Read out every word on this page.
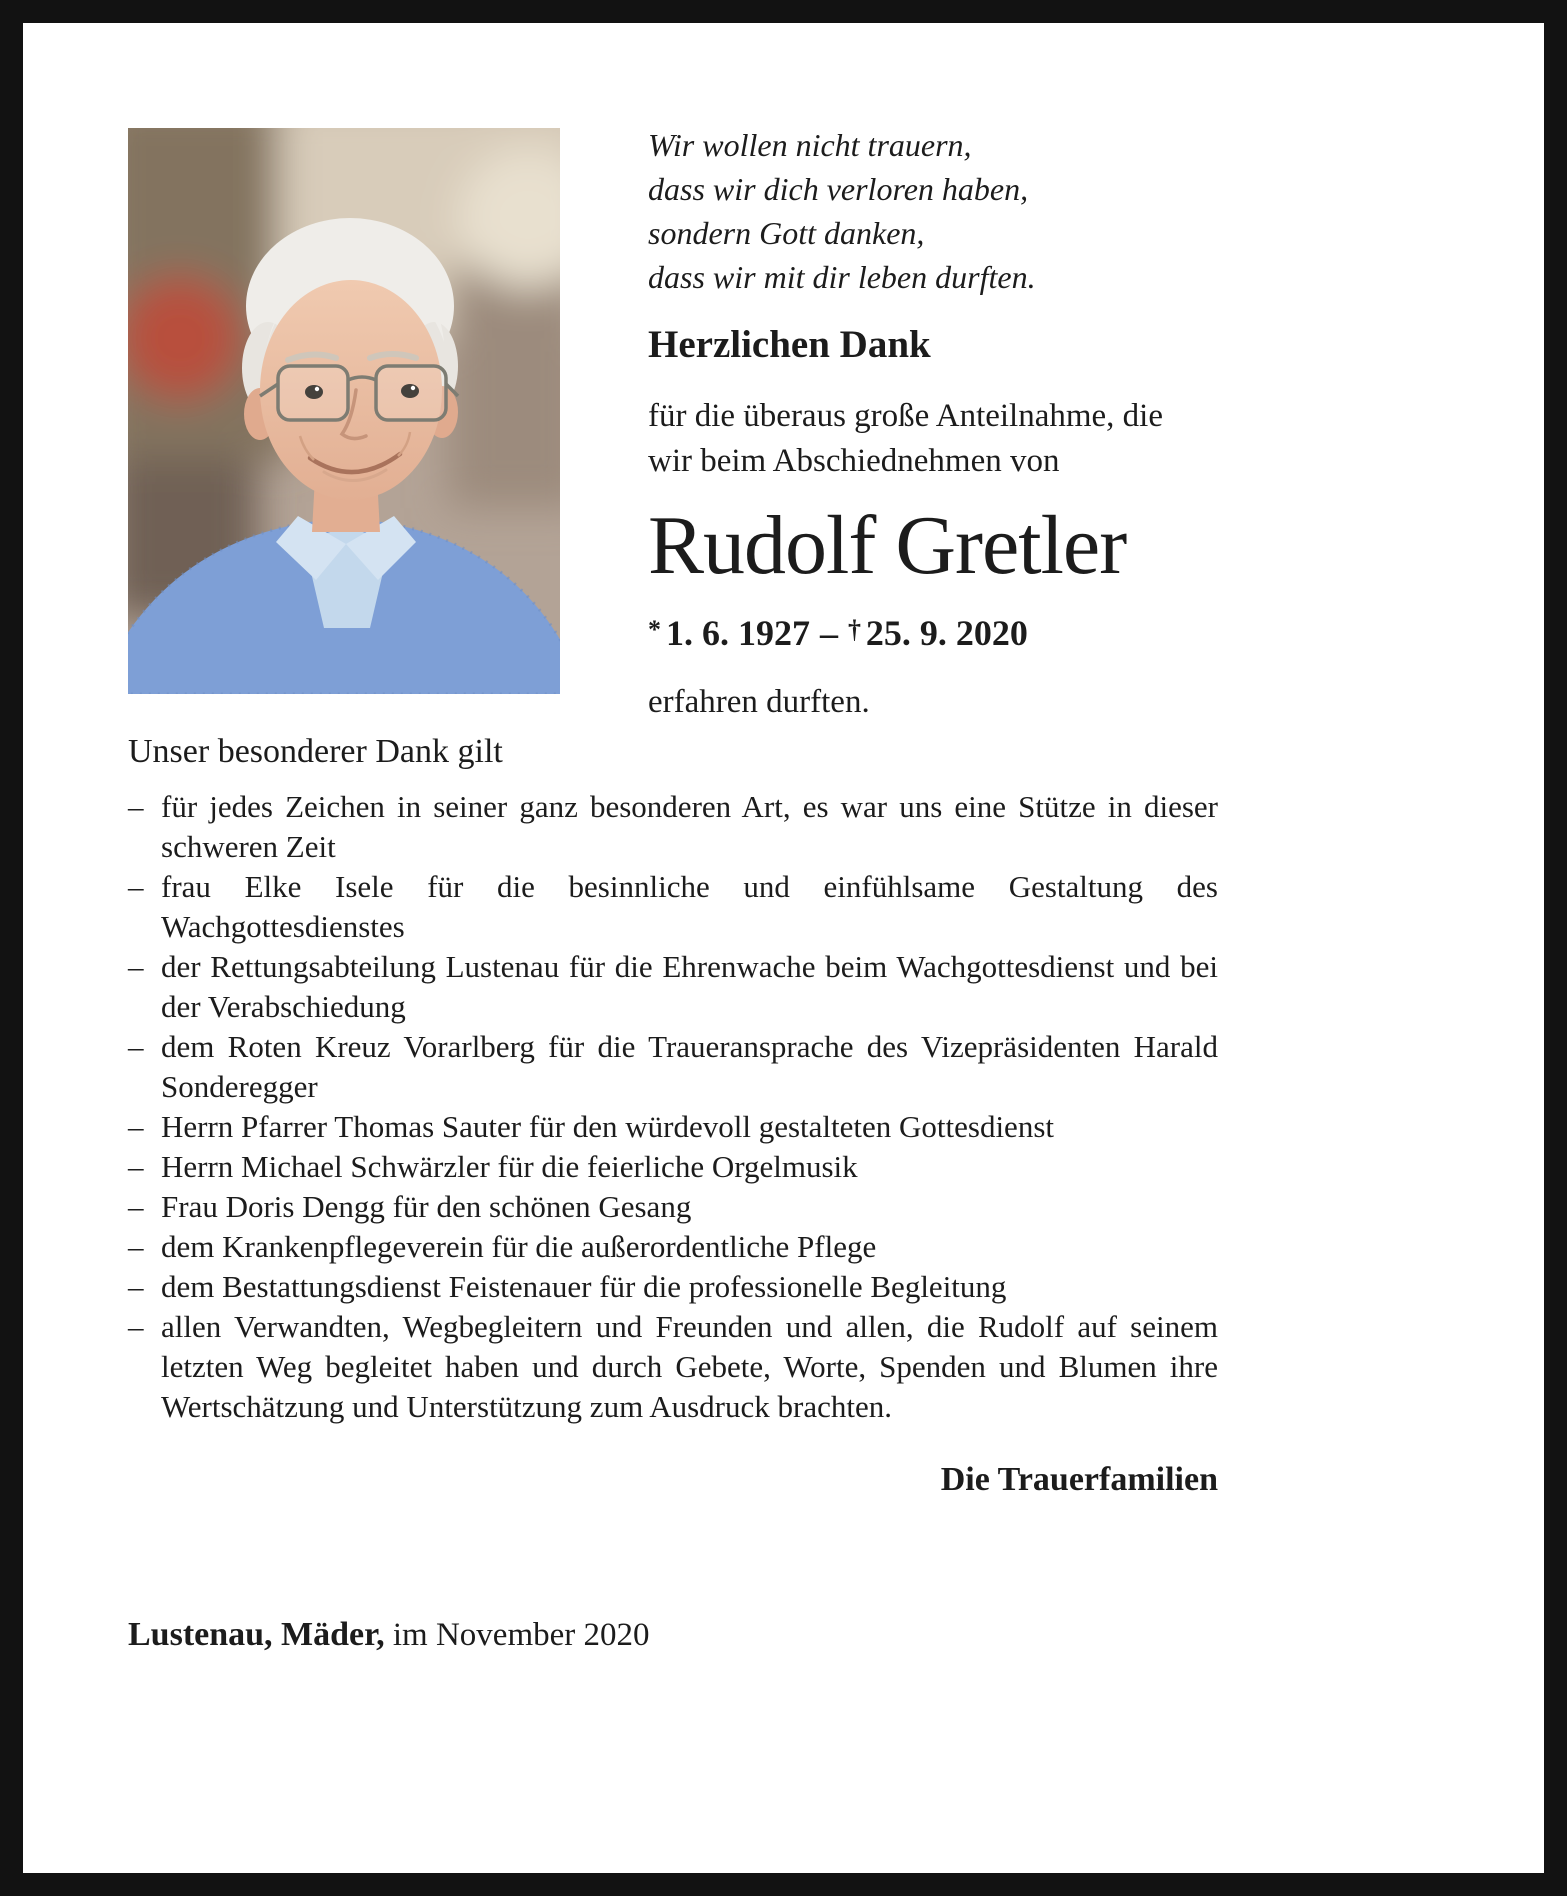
Wir wollen nicht trauern,
dass wir dich verloren haben,
sondern Gott danken,
dass wir mit dir leben durften.
Herzlichen Dank
für die überaus große Anteilnahme, die
wir beim Abschiednehmen von
Rudolf Gretler
* 1. 6. 1927 – † 25. 9. 2020

erfahren durften.

Unser besonderer Dank gilt

– für jedes Zeichen in seiner ganz besonderen Art, es war uns eine Stütze in dieser schweren Zeit
– frau Elke Isele für die besinnliche und einfühlsame Gestaltung des Wachgottesdienstes
– der Rettungsabteilung Lustenau für die Ehrenwache beim Wachgottesdienst und bei der Verabschiedung
– dem Roten Kreuz Vorarlberg für die Traueransprache des Vizepräsidenten Harald Sonderegger
– Herrn Pfarrer Thomas Sauter für den würdevoll gestalteten Gottesdienst
– Herrn Michael Schwärzler für die feierliche Orgelmusik
– Frau Doris Dengg für den schönen Gesang
– dem Krankenpflegeverein für die außerordentliche Pflege
– dem Bestattungsdienst Feistenauer für die professionelle Begleitung
– allen Verwandten, Wegbegleitern und Freunden und allen, die Rudolf auf seinem letzten Weg begleitet haben und durch Gebete, Worte, Spenden und Blumen ihre Wertschätzung und Unterstützung zum Ausdruck brachten.

Die Trauerfamilien

Lustenau, Mäder, im November 2020
